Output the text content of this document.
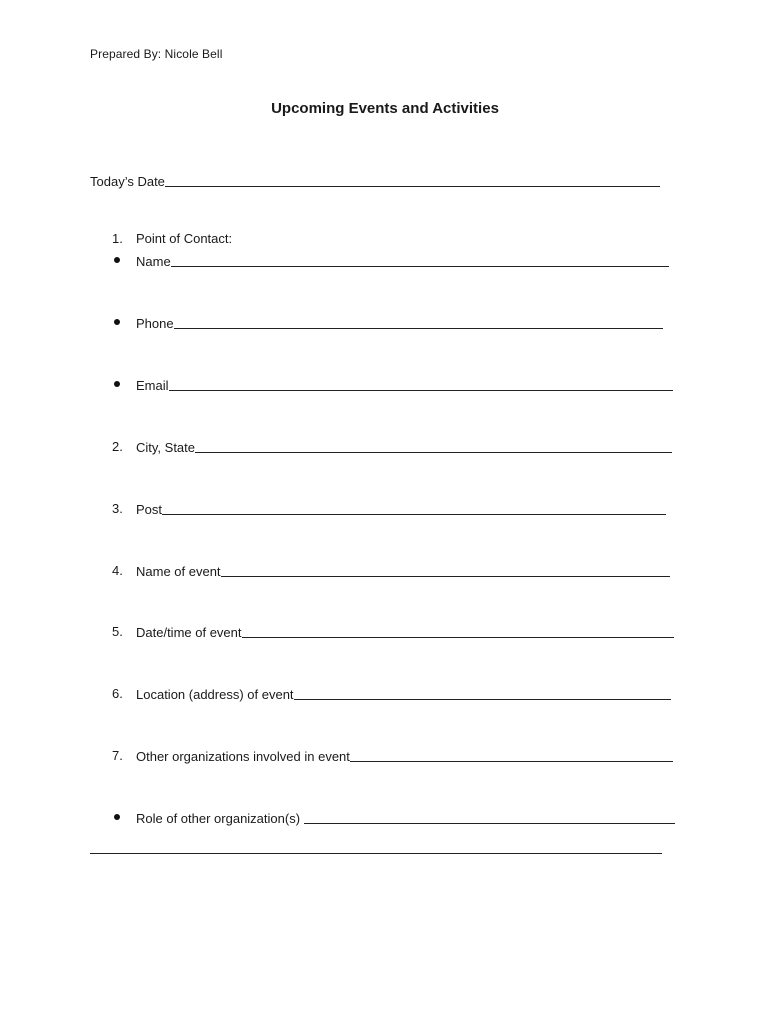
Prepared By: Nicole Bell
Upcoming Events and Activities
Today’s Date
1. Point of Contact:
Name
Phone
Email
2. City, State
3. Post
4. Name of event
5. Date/time of event
6. Location (address) of event
7. Other organizations involved in event
Role of other organization(s)
